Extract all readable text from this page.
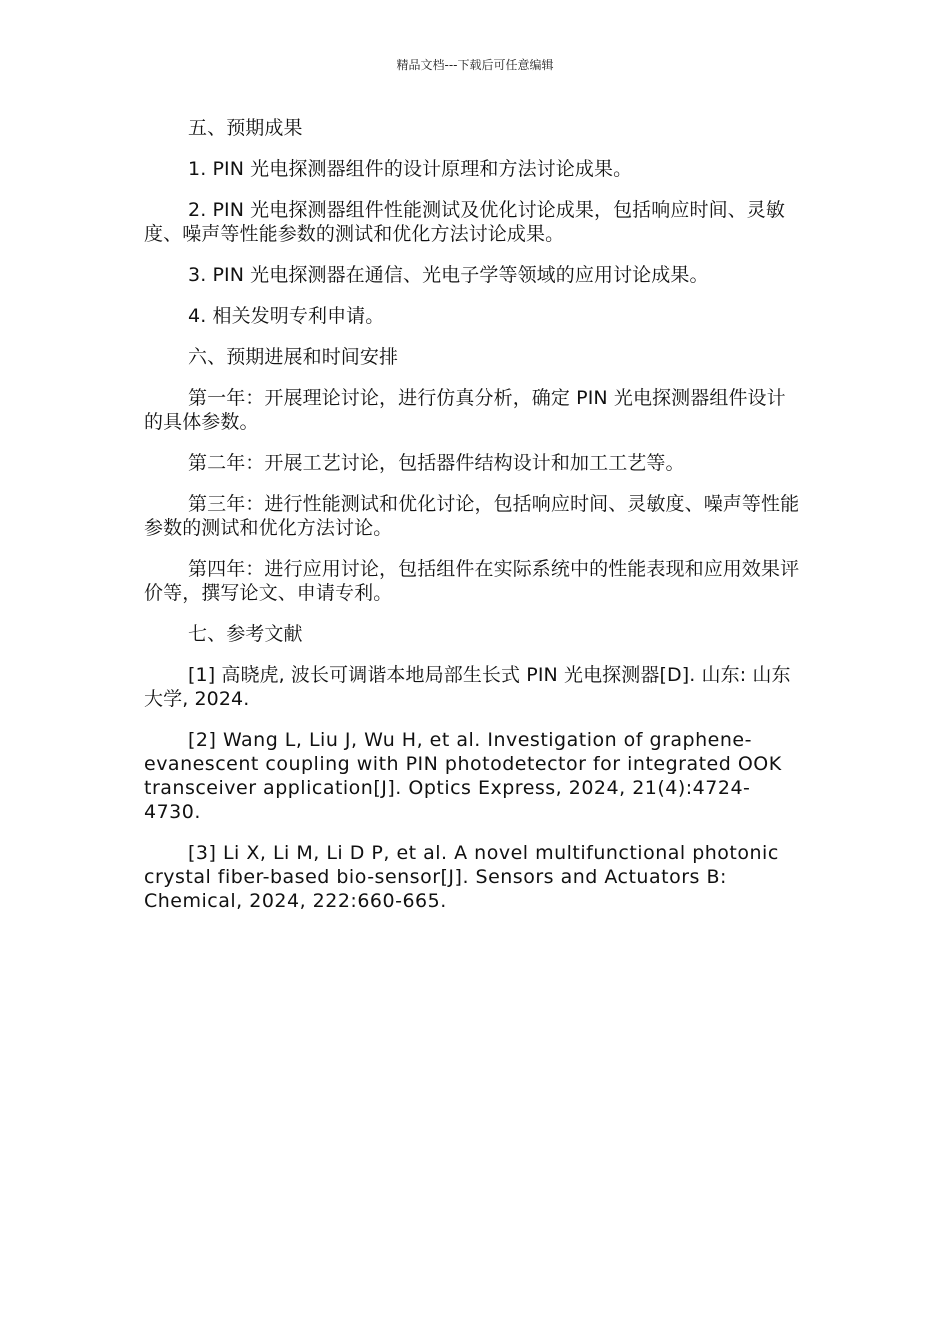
精品文档---下载后可任意编辑

五、预期成果

1. PIN 光电探测器组件的设计原理和方法讨论成果。

2. PIN 光电探测器组件性能测试及优化讨论成果，包括响应时间、灵敏度、噪声等性能参数的测试和优化方法讨论成果。

3. PIN 光电探测器在通信、光电子学等领域的应用讨论成果。

4. 相关发明专利申请。

六、预期进展和时间安排

第一年：开展理论讨论，进行仿真分析，确定 PIN 光电探测器组件设计的具体参数。

第二年：开展工艺讨论，包括器件结构设计和加工工艺等。

第三年：进行性能测试和优化讨论，包括响应时间、灵敏度、噪声等性能参数的测试和优化方法讨论。

第四年：进行应用讨论，包括组件在实际系统中的性能表现和应用效果评价等，撰写论文、申请专利。

七、参考文献

[1] 高晓虎, 波长可调谐本地局部生长式 PIN 光电探测器[D]. 山东: 山东大学, 2024.

[2] Wang L, Liu J, Wu H, et al. Investigation of graphene-evanescent coupling with PIN photodetector for integrated OOK transceiver application[J]. Optics Express, 2024, 21(4):4724-4730.

[3] Li X, Li M, Li D P, et al. A novel multifunctional photonic crystal fiber-based bio-sensor[J]. Sensors and Actuators B: Chemical, 2024, 222:660-665.
